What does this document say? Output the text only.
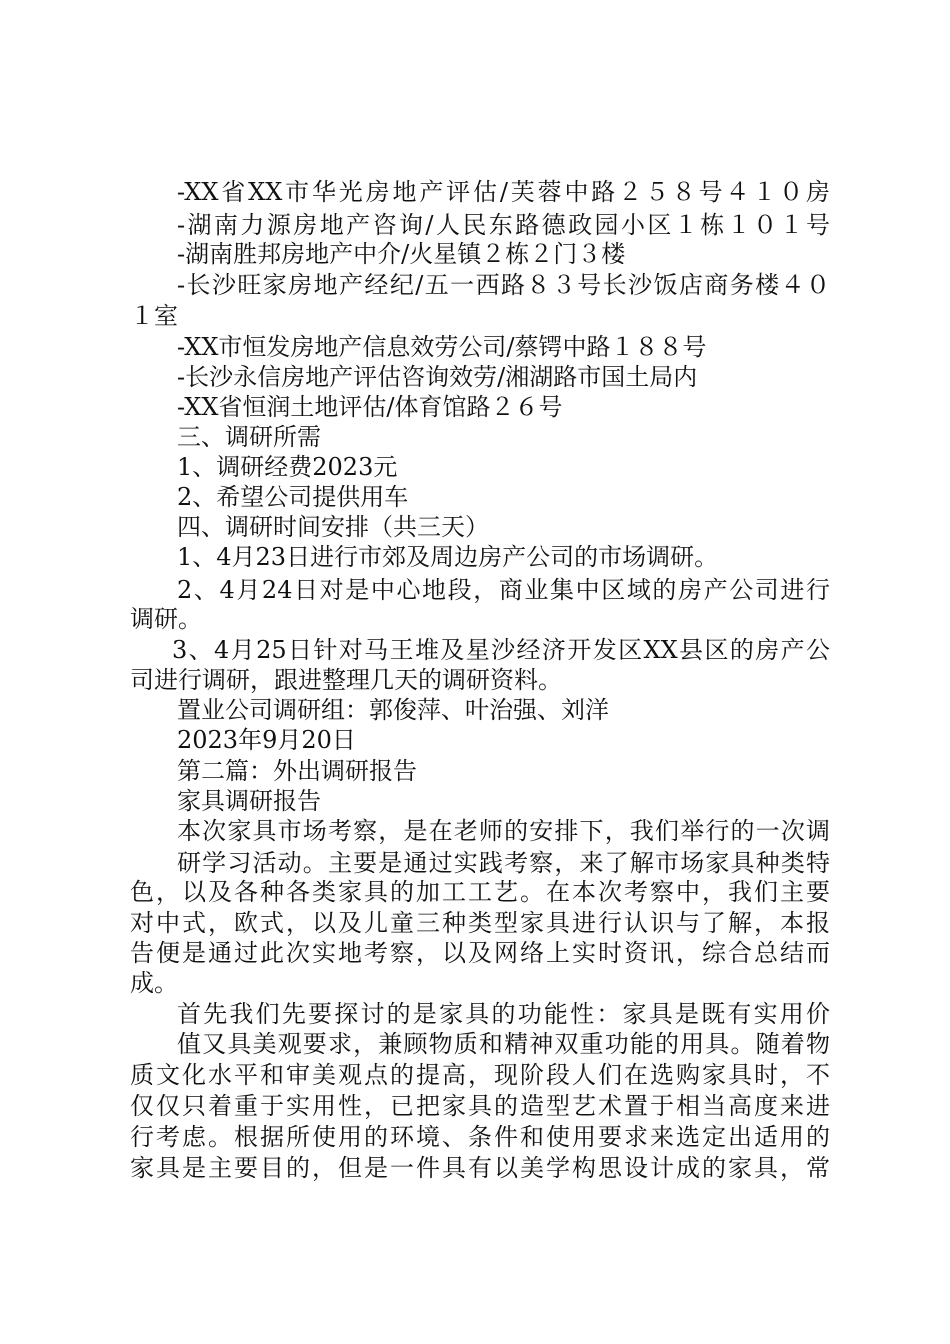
-XX省XX市华光房地产评估/芙蓉中路２５８号４１０房
-湖南力源房地产咨询/人民东路德政园小区１栋１０１号
-湖南胜邦房地产中介/火星镇２栋２门３楼
-长沙旺家房地产经纪/五一西路８３号长沙饭店商务楼４０
１室
-XX市恒发房地产信息效劳公司/蔡锷中路１８８号
-长沙永信房地产评估咨询效劳/湘湖路市国土局内
-XX省恒润土地评估/体育馆路２６号
三、调研所需
1、调研经费2023元
2、希望公司提供用车
四、调研时间安排（共三天）
1、4月23日进行市郊及周边房产公司的市场调研。
2、4月24日对是中心地段，商业集中区域的房产公司进行
调研。
3、4月25日针对马王堆及星沙经济开发区XX县区的房产公
司进行调研，跟进整理几天的调研资料。
置业公司调研组：郭俊萍、叶治强、刘洋
2023年9月20日
第二篇：外出调研报告
家具调研报告
本次家具市场考察，是在老师的安排下，我们举行的一次调
研学习活动。主要是通过实践考察，来了解市场家具种类特
色，以及各种各类家具的加工工艺。在本次考察中，我们主要
对中式，欧式，以及儿童三种类型家具进行认识与了解，本报
告便是通过此次实地考察，以及网络上实时资讯，综合总结而
成。
首先我们先要探讨的是家具的功能性：家具是既有实用价
值又具美观要求，兼顾物质和精神双重功能的用具。随着物
质文化水平和审美观点的提高，现阶段人们在选购家具时，不
仅仅只着重于实用性，已把家具的造型艺术置于相当高度来进
行考虑。根据所使用的环境、条件和使用要求来选定出适用的
家具是主要目的，但是一件具有以美学构思设计成的家具，常
